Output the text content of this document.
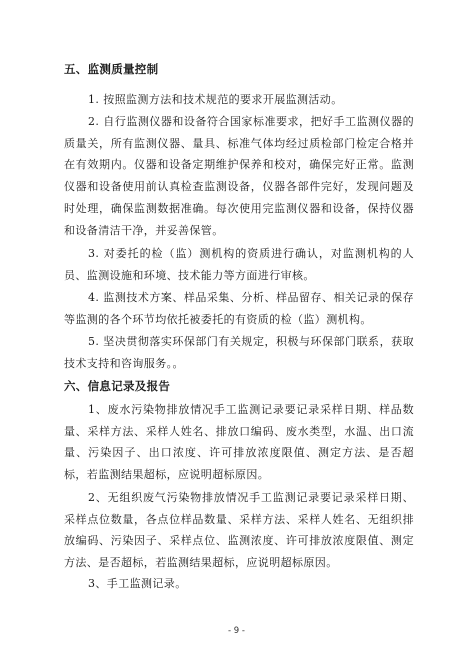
五、监测质量控制
1. 按照监测方法和技术规范的要求开展监测活动。
2. 自行监测仪器和设备符合国家标准要求，把好手工监测仪器的质量关，所有监测仪器、量具、标准气体均经过质检部门检定合格并在有效期内。仪器和设备定期维护保养和校对，确保完好正常。监测仪器和设备使用前认真检查监测设备，仪器各部件完好，发现问题及时处理，确保监测数据准确。每次使用完监测仪器和设备，保持仪器和设备清洁干净，并妥善保管。
3. 对委托的检（监）测机构的资质进行确认，对监测机构的人员、监测设施和环境、技术能力等方面进行审核。
4. 监测技术方案、样品采集、分析、样品留存、相关记录的保存等监测的各个环节均依托被委托的有资质的检（监）测机构。
5. 坚决贯彻落实环保部门有关规定，积极与环保部门联系，获取技术支持和咨询服务。。
六、信息记录及报告
1、废水污染物排放情况手工监测记录要记录采样日期、样品数量、采样方法、采样人姓名、排放口编码、废水类型，水温、出口流量、污染因子、出口浓度、许可排放浓度限值、测定方法、是否超标，若监测结果超标，应说明超标原因。
2、无组织废气污染物排放情况手工监测记录要记录采样日期、采样点位数量，各点位样品数量、采样方法、采样人姓名、无组织排放编码、污染因子、采样点位、监测浓度、许可排放浓度限值、测定方法、是否超标，若监测结果超标，应说明超标原因。
3、手工监测记录。
- 9 -
